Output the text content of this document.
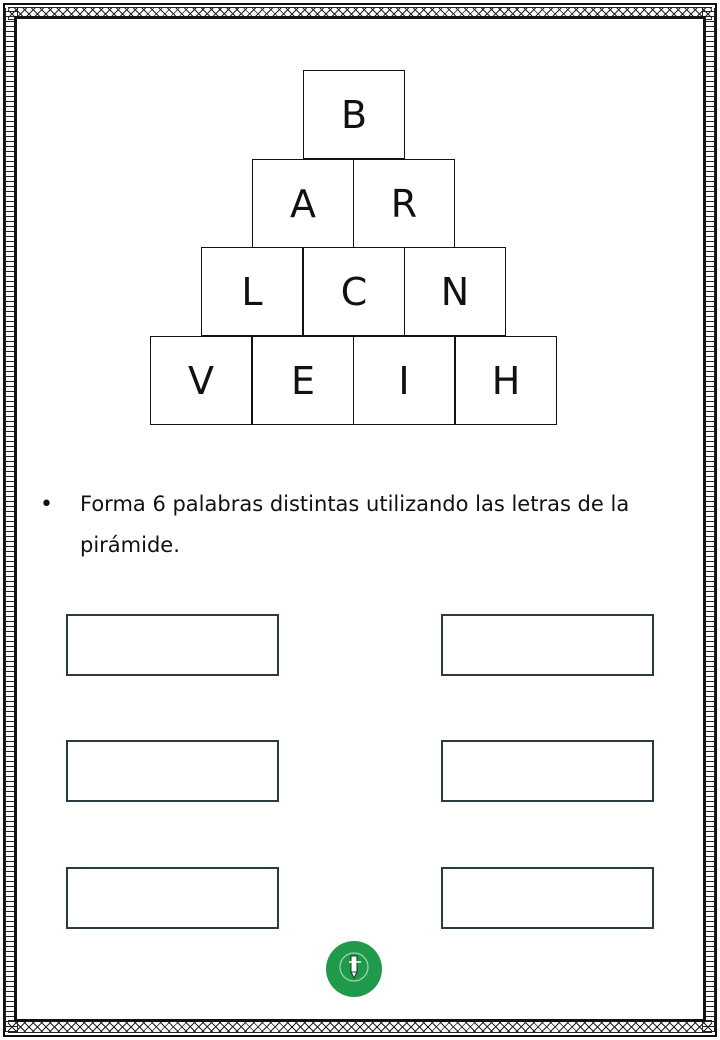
B
A	R
L	C	N
V	E	I	H
•	Forma 6 palabras distintas utilizando las letras de la pirámide.
